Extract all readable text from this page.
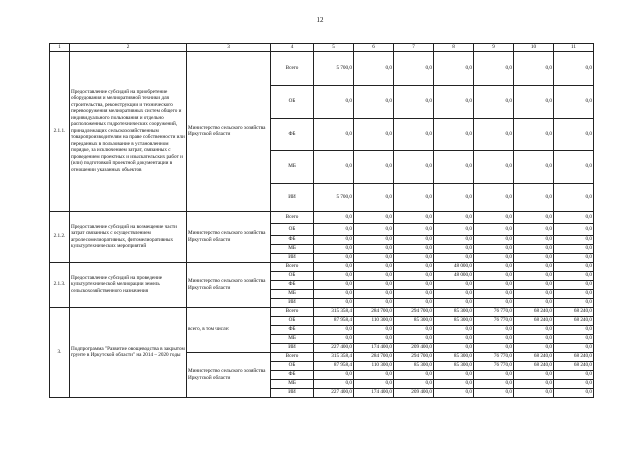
12
1	2	3	4	5	6	7	8	9	10	11
2.1.1.	Предоставление субсидий на приобретение оборудования и мелиоративной техники для строительства, реконструкции и технического перевооружения мелиоративных систем общего и индивидуального пользования и отдельно расположенных гидротехнических сооружений, принадлежащих сельскохозяйственным товаропроизводителям на праве собственности или переданных в пользование в установленном порядке, за исключением затрат, связанных с проведением проектных и изыскательских работ и (или) подготовкой проектной документации в отношении указанных объектов	Министерство сельского хозяйства Иркутской области	Всего	5 700,0	0,0	0,0	0,0	0,0	0,0	0,0
			ОБ	0,0	0,0	0,0	0,0	0,0	0,0	0,0
			ФБ	0,0	0,0	0,0	0,0	0,0	0,0	0,0
			МБ	0,0	0,0	0,0	0,0	0,0	0,0	0,0
			ИИ	5 700,0	0,0	0,0	0,0	0,0	0,0	0,0
2.1.2.	Предоставление субсидий на возмещение части затрат связанных с осуществлением агролесомелиоративных, фитомелиоративных культуртехнических мероприятий	Министерство сельского хозяйства Иркутской области	Всего	0,0	0,0	0,0	0,0	0,0	0,0	0,0
			ОБ	0,0	0,0	0,0	0,0	0,0	0,0	0,0
			ФБ	0,0	0,0	0,0	0,0	0,0	0,0	0,0
			МБ	0,0	0,0	0,0	0,0	0,0	0,0	0,0
			ИИ	0,0	0,0	0,0	0,0	0,0	0,0	0,0
2.1.3.	Предоставление субсидий на проведение культуртехнической мелиорации земель сельскохозяйственного назначения	Министерство сельского хозяйства Иркутской области	Всего	0,0	0,0	0,0	48 000,0	0,0	0,0	0,0
			ОБ	0,0	0,0	0,0	48 000,0	0,0	0,0	0,0
			ФБ	0,0	0,0	0,0	0,0	0,0	0,0	0,0
			МБ	0,0	0,0	0,0	0,0	0,0	0,0	0,0
			ИИ	0,0	0,0	0,0	0,0	0,0	0,0	0,0
3.	Подпрограмма "Развитие овощеводства в закрытом грунте в Иркутской области" на 2014 – 2020 годы	всего, в том числе:	Всего	315 358,4	284 700,0	294 700,0	85 300,0	76 770,0	68 240,0	68 240,0
			ОБ	87 958,4	110 300,0	85 300,0	85 300,0	76 770,0	68 240,0	68 240,0
			ФБ	0,0	0,0	0,0	0,0	0,0	0,0	0,0
			МБ	0,0	0,0	0,0	0,0	0,0	0,0	0,0
			ИИ	227 400,0	174 400,0	209 400,0	0,0	0,0	0,0	0,0
		Министерство сельского хозяйства Иркутской области	Всего	315 358,4	284 700,0	294 700,0	85 300,0	76 770,0	68 240,0	68 240,0
			ОБ	87 958,4	110 300,0	85 300,0	85 300,0	76 770,0	68 240,0	68 240,0
			ФБ	0,0	0,0	0,0	0,0	0,0	0,0	0,0
			МБ	0,0	0,0	0,0	0,0	0,0	0,0	0,0
			ИИ	227 400,0	174 400,0	209 400,0	0,0	0,0	0,0	0,0
